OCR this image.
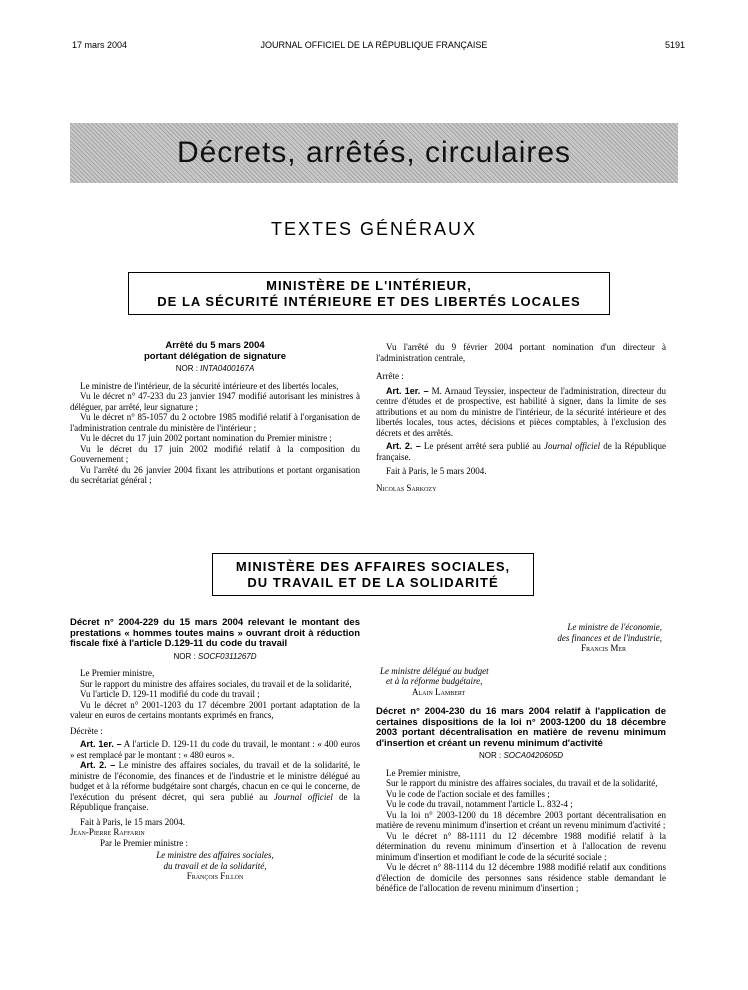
17 mars 2004	JOURNAL OFFICIEL DE LA RÉPUBLIQUE FRANÇAISE	5191
Décrets, arrêtés, circulaires
TEXTES GÉNÉRAUX
MINISTÈRE DE L'INTÉRIEUR,
DE LA SÉCURITÉ INTÉRIEURE ET DES LIBERTÉS LOCALES
Arrêté du 5 mars 2004
portant délégation de signature
NOR : INTA0400167A

Le ministre de l'intérieur, de la sécurité intérieure et des libertés locales,

Vu le décret n° 47-233 du 23 janvier 1947 modifié autorisant les ministres à déléguer, par arrêté, leur signature ;

Vu le décret n° 85-1057 du 2 octobre 1985 modifié relatif à l'organisation de l'administration centrale du ministère de l'intérieur ;

Vu le décret du 17 juin 2002 portant nomination du Premier ministre ;

Vu le décret du 17 juin 2002 modifié relatif à la composition du Gouvernement ;

Vu l'arrêté du 26 janvier 2004 fixant les attributions et portant organisation du secrétariat général ;

Vu l'arrêté du 9 février 2004 portant nomination d'un directeur à l'administration centrale,

Arrête :

Art. 1er. – M. Arnaud Teyssier, inspecteur de l'administration, directeur du centre d'études et de prospective, est habilité à signer, dans la limite de ses attributions et au nom du ministre de l'intérieur, de la sécurité intérieure et des libertés locales, tous actes, décisions et pièces comptables, à l'exclusion des décrets et des arrêtés.

Art. 2. – Le présent arrêté sera publié au Journal officiel de la République française.

Fait à Paris, le 5 mars 2004.

Nicolas Sarkozy

MINISTÈRE DES AFFAIRES SOCIALES,
DU TRAVAIL ET DE LA SOLIDARITÉ
Décret n° 2004-229 du 15 mars 2004 relevant le montant des prestations « hommes toutes mains » ouvrant droit à réduction fiscale fixé à l'article D.129-11 du code du travail
NOR : SOCF0311267D

Le Premier ministre,

Sur le rapport du ministre des affaires sociales, du travail et de la solidarité,

Vu l'article D. 129-11 modifié du code du travail ;

Vu le décret n° 2001-1203 du 17 décembre 2001 portant adaptation de la valeur en euros de certains montants exprimés en francs,

Décrète :

Art. 1er. – A l'article D. 129-11 du code du travail, le montant : « 400 euros » est remplacé par le montant : « 480 euros ».

Art. 2. – Le ministre des affaires sociales, du travail et de la solidarité, le ministre de l'économie, des finances et de l'industrie et le ministre délégué au budget et à la réforme budgétaire sont chargés, chacun en ce qui le concerne, de l'exécution du présent décret, qui sera publié au Journal officiel de la République française.

Fait à Paris, le 15 mars 2004.

Jean-Pierre Raffarin

Par le Premier ministre :

Le ministre des affaires sociales,
du travail et de la solidarité,
François Fillon
Le ministre de l'économie,
des finances et de l'industrie,
Francis Mer
Le ministre délégué au budget
et à la réforme budgétaire,
Alain Lambert
Décret n° 2004-230 du 16 mars 2004 relatif à l'application de certaines dispositions de la loi n° 2003-1200 du 18 décembre 2003 portant décentralisation en matière de revenu minimum d'insertion et créant un revenu minimum d'activité
NOR : SOCA0420605D

Le Premier ministre,

Sur le rapport du ministre des affaires sociales, du travail et de la solidarité,

Vu le code de l'action sociale et des familles ;

Vu le code du travail, notamment l'article L. 832-4 ;

Vu la loi n° 2003-1200 du 18 décembre 2003 portant décentralisation en matière de revenu minimum d'insertion et créant un revenu minimum d'activité ;

Vu le décret n° 88-1111 du 12 décembre 1988 modifié relatif à la détermination du revenu minimum d'insertion et à l'allocation de revenu minimum d'insertion et modifiant le code de la sécurité sociale ;

Vu le décret n° 88-1114 du 12 décembre 1988 modifié relatif aux conditions d'élection de domicile des personnes sans résidence stable demandant le bénéfice de l'allocation de revenu minimum d'insertion ;
